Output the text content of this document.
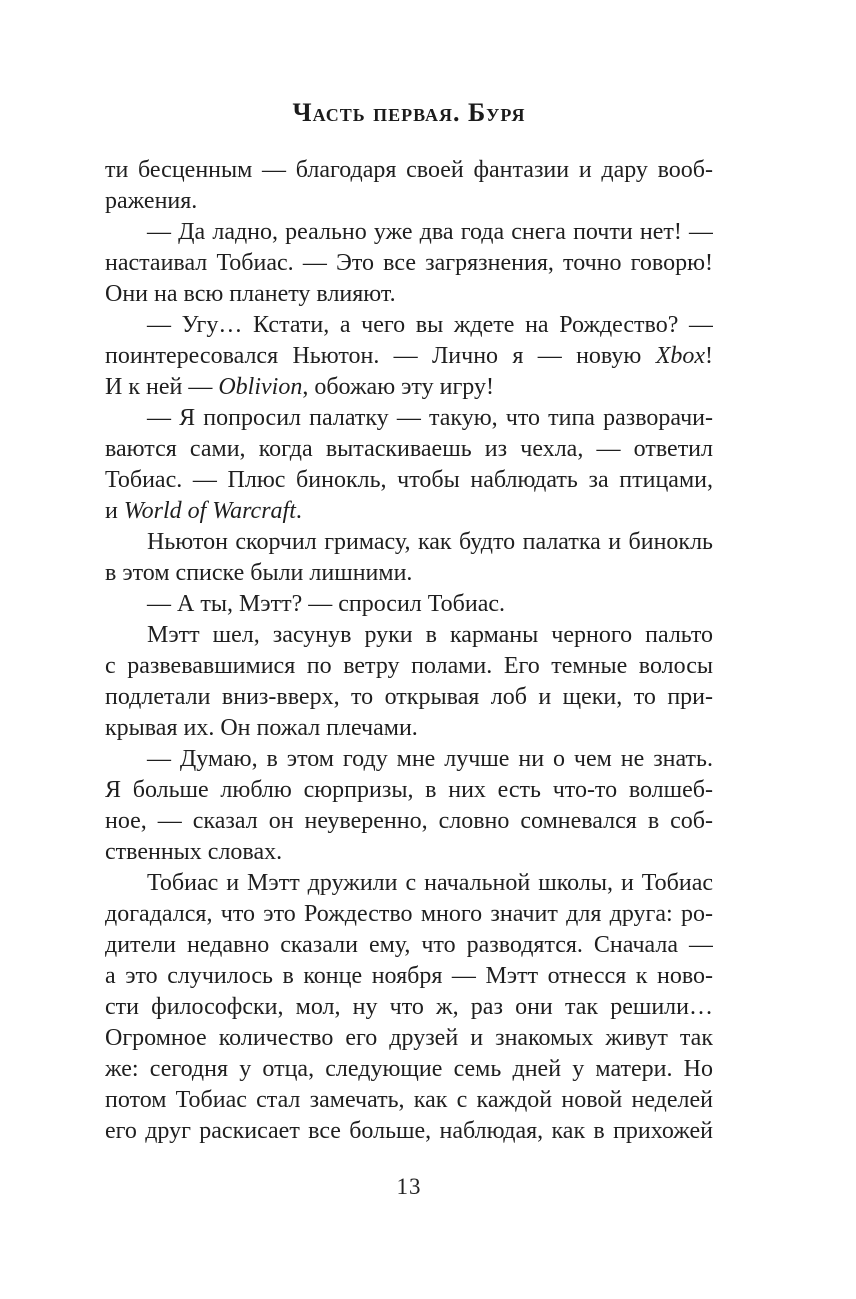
Часть первая. Буря

ти бесценным — благодаря своей фантазии и дару вооб-
ражения.

— Да ладно, реально уже два года снега почти нет! —
настаивал Тобиас. — Это все загрязнения, точно говорю!
Они на всю планету влияют.

— Угу… Кстати, а чего вы ждете на Рождество? —
поинтересовался Ньютон. — Лично я — новую Xbox!
И к ней — Oblivion, обожаю эту игру!

— Я попросил палатку — такую, что типа разворачи-
ваются сами, когда вытаскиваешь из чехла, — ответил
Тобиас. — Плюс бинокль, чтобы наблюдать за птицами,
и World of Warcraft.

Ньютон скорчил гримасу, как будто палатка и бинокль
в этом списке были лишними.

— А ты, Мэтт? — спросил Тобиас.

Мэтт шел, засунув руки в карманы черного пальто
с развевавшимися по ветру полами. Его темные волосы
подлетали вниз-вверх, то открывая лоб и щеки, то при-
крывая их. Он пожал плечами.

— Думаю, в этом году мне лучше ни о чем не знать.
Я больше люблю сюрпризы, в них есть что-то волшеб-
ное, — сказал он неуверенно, словно сомневался в соб-
ственных словах.

Тобиас и Мэтт дружили с начальной школы, и Тобиас
догадался, что это Рождество много значит для друга: ро-
дители недавно сказали ему, что разводятся. Сначала —
а это случилось в конце ноября — Мэтт отнесся к ново-
сти философски, мол, ну что ж, раз они так решили…
Огромное количество его друзей и знакомых живут так
же: сегодня у отца, следующие семь дней у матери. Но
потом Тобиас стал замечать, как с каждой новой неделей
его друг раскисает все больше, наблюдая, как в прихожей

13
